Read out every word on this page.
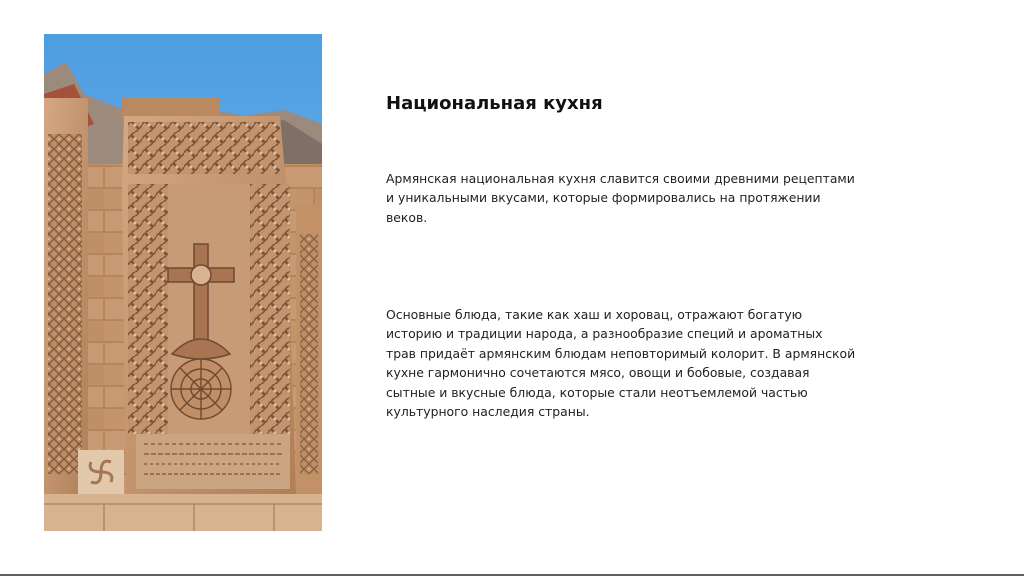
Национальная кухня

Армянская национальная кухня славится своими древними рецептами и уникальными вкусами, которые формировались на протяжении веков.

Основные блюда, такие как хаш и хоровац, отражают богатую историю и традиции народа, а разнообразие специй и ароматных трав придаёт армянским блюдам неповторимый колорит. В армянской кухне гармонично сочетаются мясо, овощи и бобовые, создавая сытные и вкусные блюда, которые стали неотъемлемой частью культурного наследия страны.
